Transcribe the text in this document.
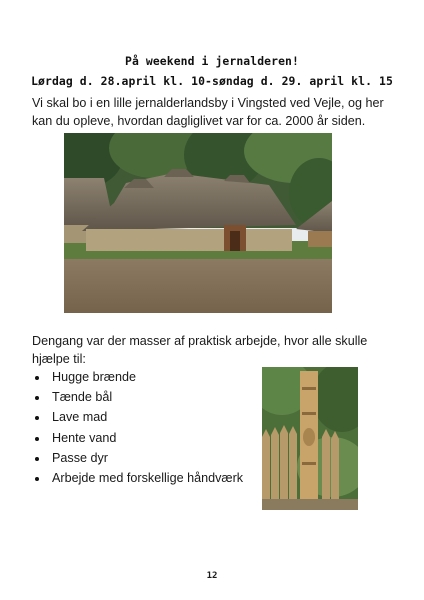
På weekend i jernalderen!
Lørdag d. 28.april kl. 10-søndag d. 29. april kl. 15
Vi skal bo i en lille jernalderlandsby i Vingsted ved Vejle, og her kan du opleve, hvordan dagliglivet var for ca. 2000 år siden.
Dengang var der masser af praktisk arbejde, hvor alle skulle hjælpe til:
Hugge brænde
Tænde bål
Lave mad
Hente vand
Passe dyr
Arbejde med forskellige håndværk
12
